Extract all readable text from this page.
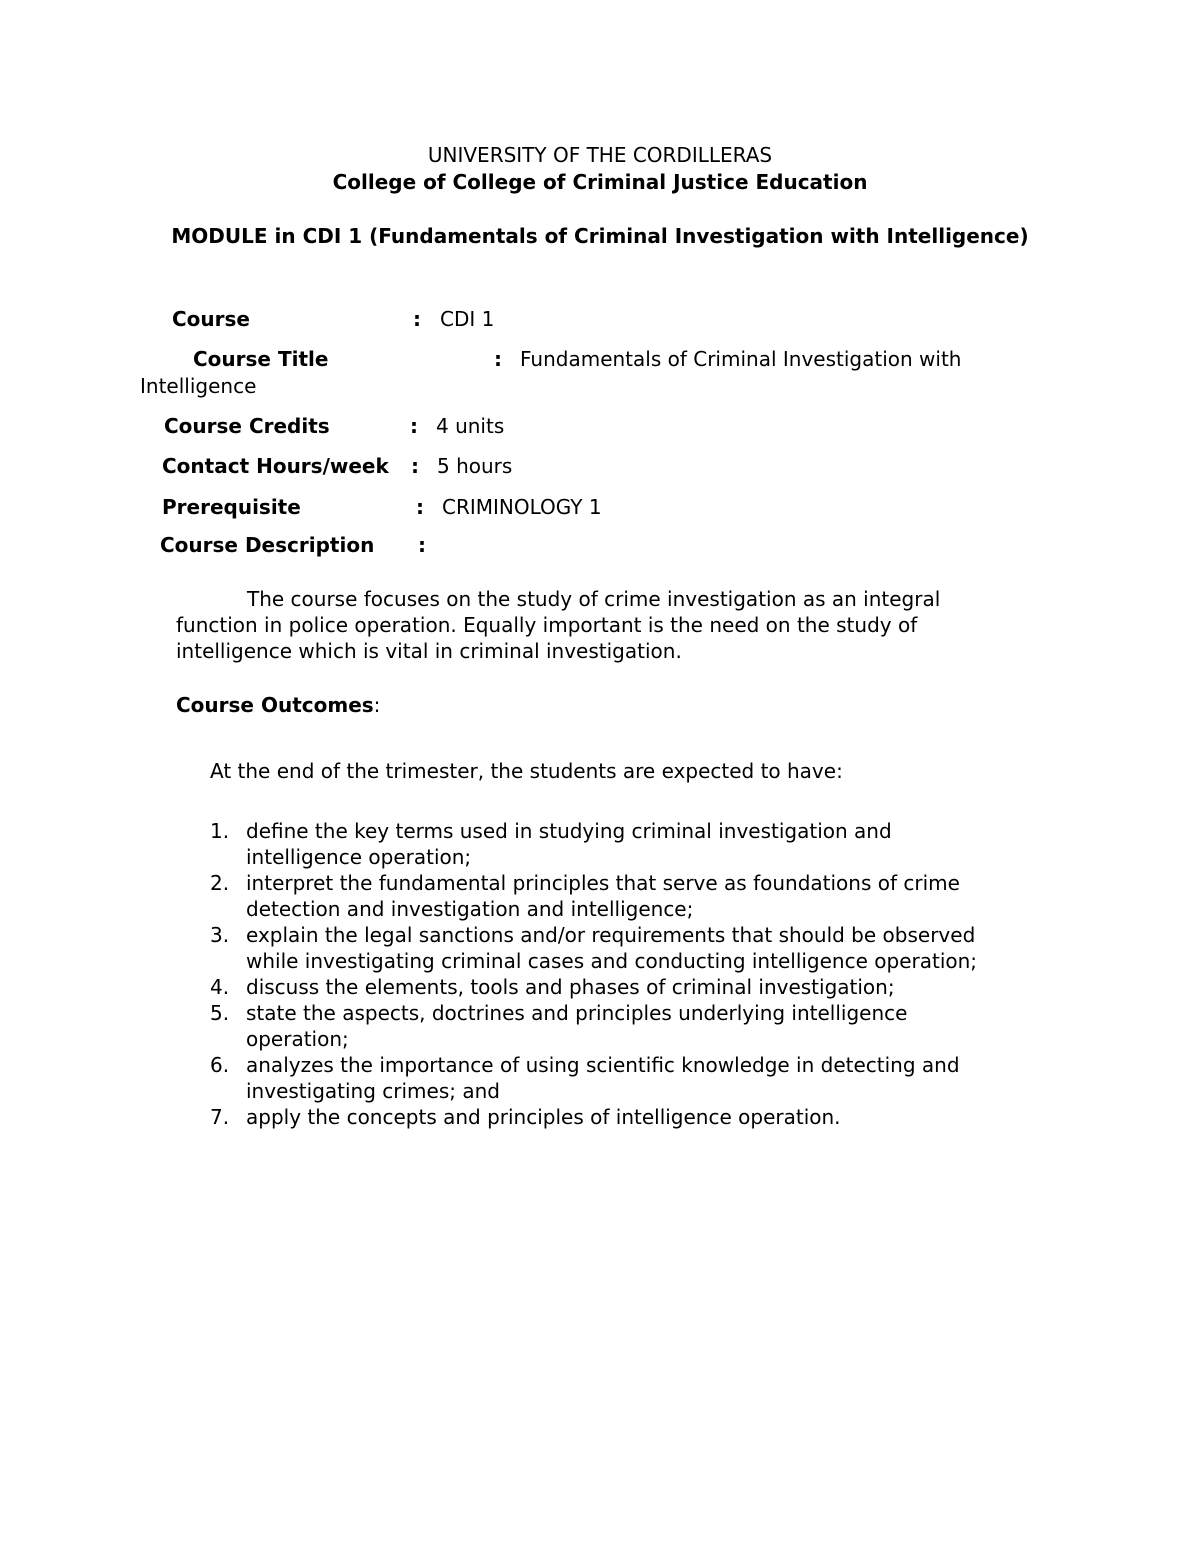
UNIVERSITY OF THE CORDILLERAS
College of College of Criminal Justice Education
MODULE in CDI 1 (Fundamentals of Criminal Investigation with Intelligence)
Course	: CDI 1
Course Title	: Fundamentals of Criminal Investigation with
Intelligence
Course Credits	: 4 units
Contact Hours/week : 5 hours
Prerequisite	: CRIMINOLOGY 1
Course Description :
The course focuses on the study of crime investigation as an integral
function in police operation. Equally important is the need on the study of
intelligence which is vital in criminal investigation.
Course Outcomes:
At the end of the trimester, the students are expected to have:
1. define the key terms used in studying criminal investigation and
intelligence operation;
2. interpret the fundamental principles that serve as foundations of crime
detection and investigation and intelligence;
3. explain the legal sanctions and/or requirements that should be observed
while investigating criminal cases and conducting intelligence operation;
4. discuss the elements, tools and phases of criminal investigation;
5. state the aspects, doctrines and principles underlying intelligence
operation;
6. analyzes the importance of using scientific knowledge in detecting and
investigating crimes; and
7. apply the concepts and principles of intelligence operation.
